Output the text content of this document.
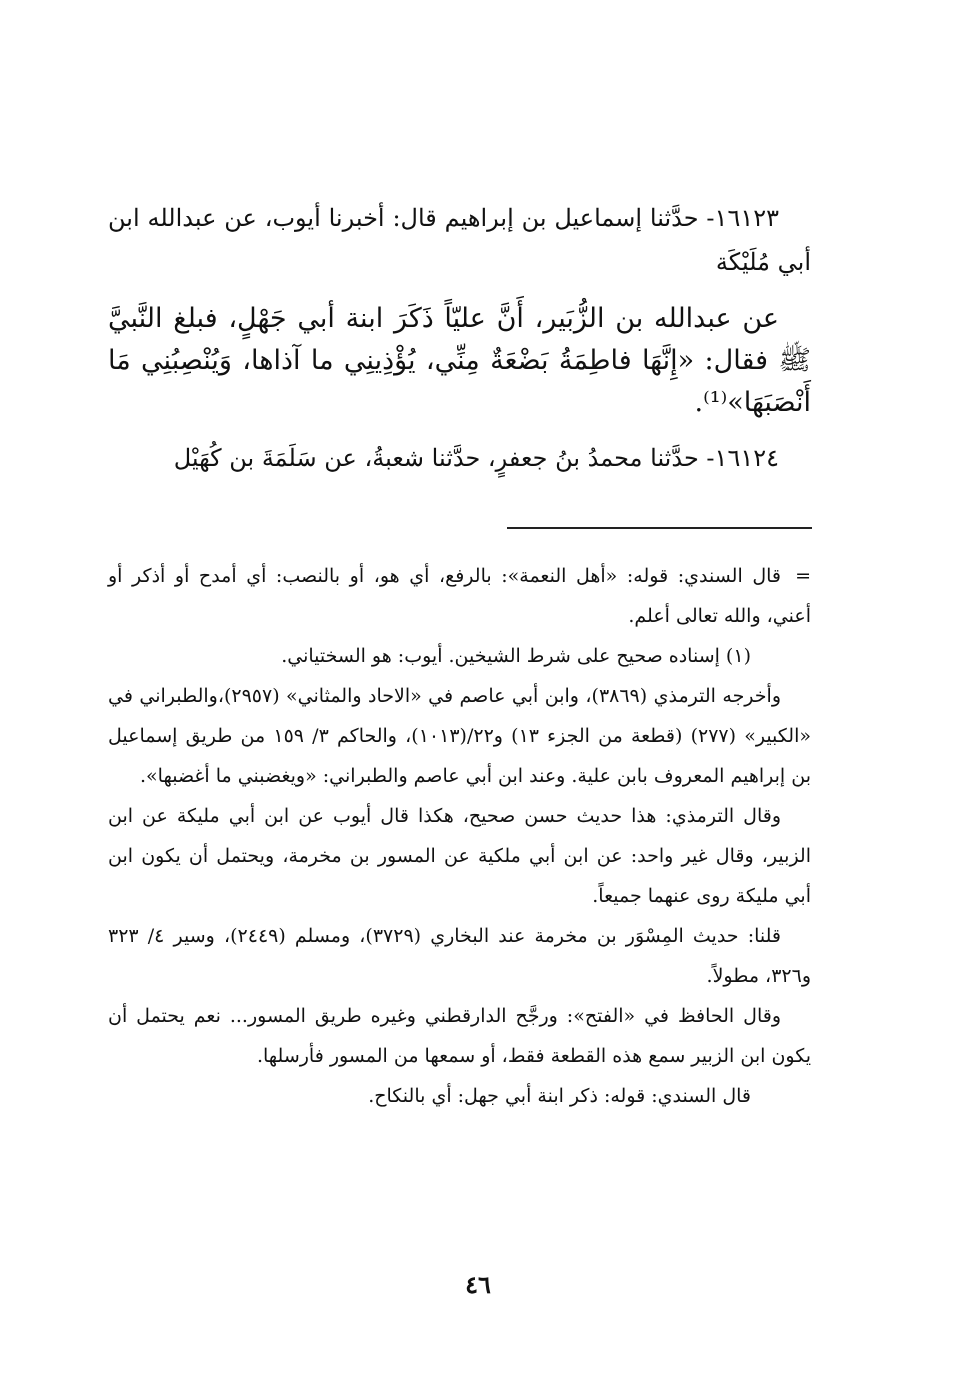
١٦١٢٣- حدَّثنا إسماعيل بن إبراهيم قال: أخبرنا أيوب، عن عبدالله ابن أبي مُلَيْكَة

عن عبدالله بن الزُّبَير، أَنَّ عليّاً ذَكَرَ ابنة أبي جَهْلٍ، فبلغ النَّبيَّ ﷺ فقال: «إِنَّهَا فاطِمَةُ بَضْعَةٌ مِنِّي، يُؤْذِينِي ما آذاها، وَيُنْصِبُنِي مَا أَنْصَبَهَا»⁽¹⁾.

١٦١٢٤- حدَّثنا محمدُ بنُ جعفرٍ، حدَّثنا شعبةُ، عن سَلَمَةَ بن كُهَيْل

=قال السندي: قوله: «أهل النعمة»: بالرفع، أي هو، أو بالنصب: أي أمدح أو أذكر أو أعني، والله تعالى أعلم.

(١) إسناده صحيح على شرط الشيخين. أيوب: هو السختياني.

وأخرجه الترمذي (٣٨٦٩)، وابن أبي عاصم في «الاحاد والمثاني» (٢٩٥٧)،والطبراني في «الكبير» (٢٧٧) (قطعة من الجزء ١٣) و٢٢/(١٠١٣)، والحاكم ٣/ ١٥٩ من طريق إسماعيل بن إبراهيم المعروف بابن علية. وعند ابن أبي عاصم والطبراني: «ويغضبني ما أغضبها».

وقال الترمذي: هذا حديث حسن صحيح، هكذا قال أيوب عن ابن أبي مليكة عن ابن الزبير، وقال غير واحد: عن ابن أبي ملكية عن المسور بن مخرمة، ويحتمل أن يكون ابن أبي مليكة روى عنهما جميعاً.

قلنا: حديث المِسْوَر بن مخرمة عند البخاري (٣٧٢٩)، ومسلم (٢٤٤٩)، وسير ٤/ ٣٢٣ و٣٢٦، مطولاً.

وقال الحافظ في «الفتح»: ورجَّح الدارقطني وغيره طريق المسور... نعم يحتمل أن يكون ابن الزبير سمع هذه القطعة فقط، أو سمعها من المسور فأرسلها.

قال السندي: قوله: ذكر ابنة أبي جهل: أي بالنكاح.

٤٦
